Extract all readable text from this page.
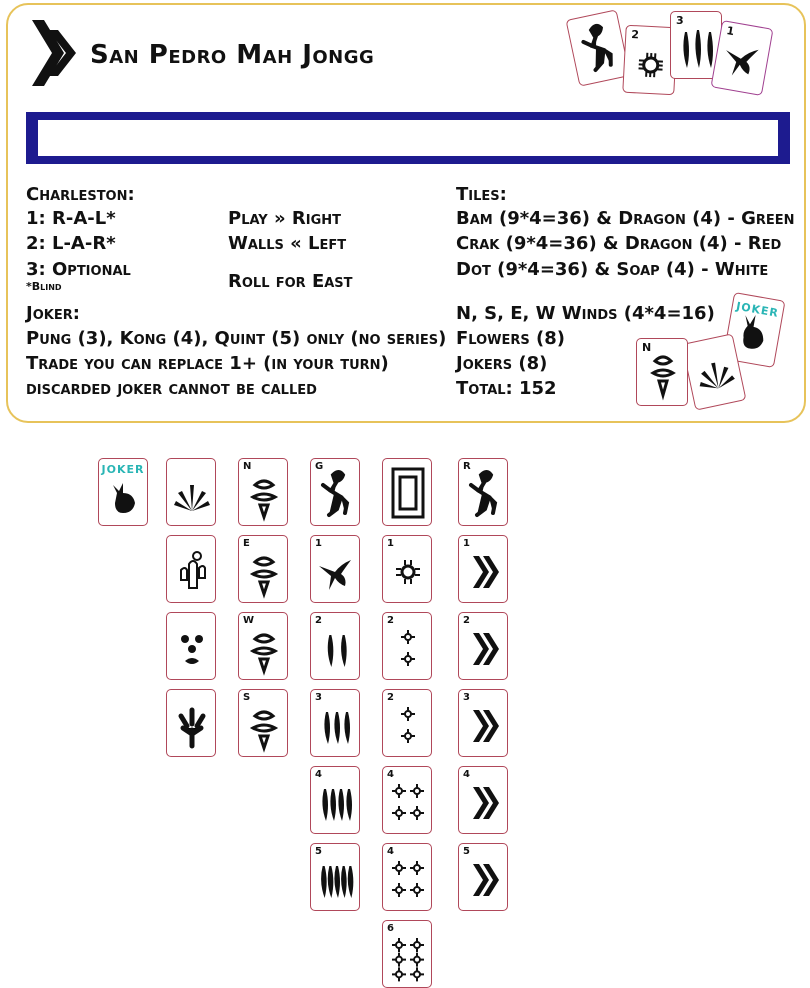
San Pedro Mah Jongg
2
3
1
Charleston:
1: R-A-L*
2: L-A-R*
3: Optional
*Blind
Play » Right
Walls « Left
Roll for East
Joker:
Pung (3), Kong (4), Quint (5) only (no series)
Trade you can replace 1+ (in your turn)
discarded joker cannot be called
Tiles:
Bam (9*4=36) & Dragon (4) - Green
Crak (9*4=36) & Dragon (4) - Red
Dot (9*4=36) & Soap (4) - White
N, S, E, W Winds (4*4=16)
Flowers (8)
Jokers (8)
Total: 152
JOKER
N
JOKER	N
E
W
S
G
1
2
3
4
5
1
2
2
4
4
6
R
1
2
3
4
5
